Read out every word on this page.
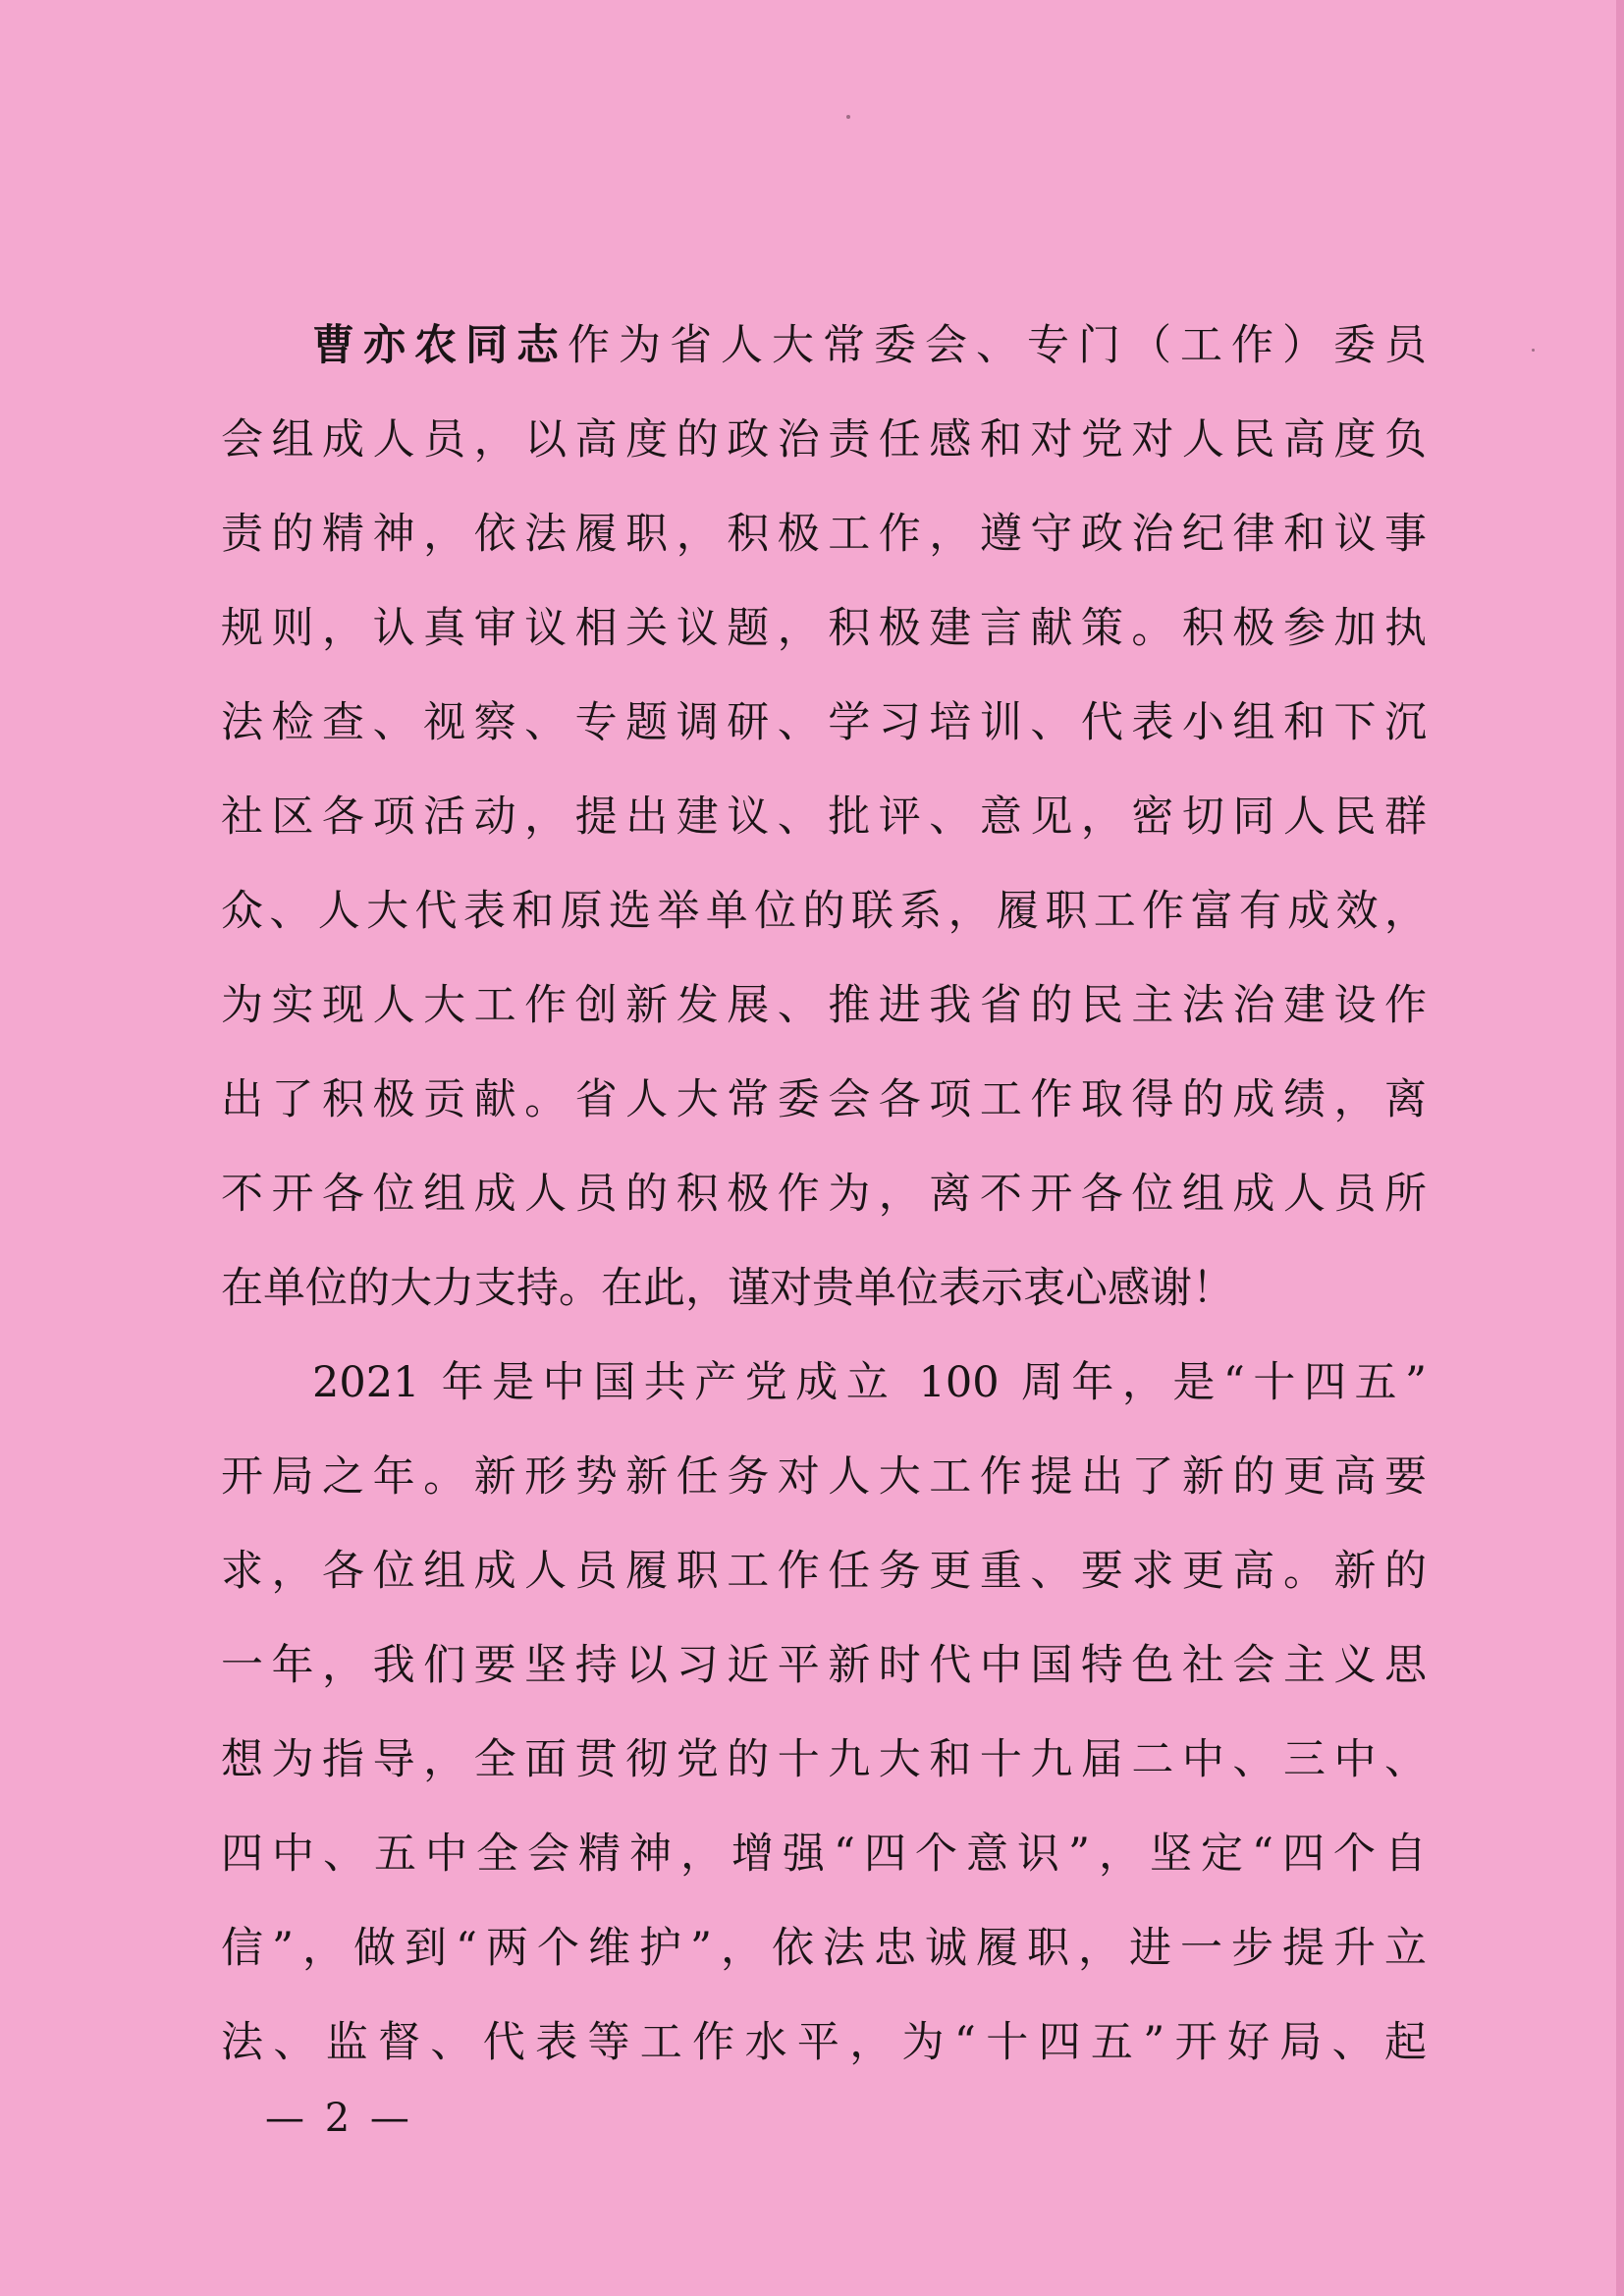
曹亦农同志作为省人大常委会、专门（工作）委员
会组成人员，以高度的政治责任感和对党对人民高度负
责的精神，依法履职，积极工作，遵守政治纪律和议事
规则，认真审议相关议题，积极建言献策。积极参加执
法检查、视察、专题调研、学习培训、代表小组和下沉
社区各项活动，提出建议、批评、意见，密切同人民群
众、人大代表和原选举单位的联系，履职工作富有成效，
为实现人大工作创新发展、推进我省的民主法治建设作
出了积极贡献。省人大常委会各项工作取得的成绩，离
不开各位组成人员的积极作为，离不开各位组成人员所
在单位的大力支持。在此，谨对贵单位表示衷心感谢！
2021 年是中国共产党成立 100 周年，是“十四五”
开局之年。新形势新任务对人大工作提出了新的更高要
求，各位组成人员履职工作任务更重、要求更高。新的
一年，我们要坚持以习近平新时代中国特色社会主义思
想为指导，全面贯彻党的十九大和十九届二中、三中、
四中、五中全会精神，增强“四个意识”，坚定“四个自
信”，做到“两个维护”，依法忠诚履职，进一步提升立
法、监督、代表等工作水平，为“十四五”开好局、起
— 2 —
